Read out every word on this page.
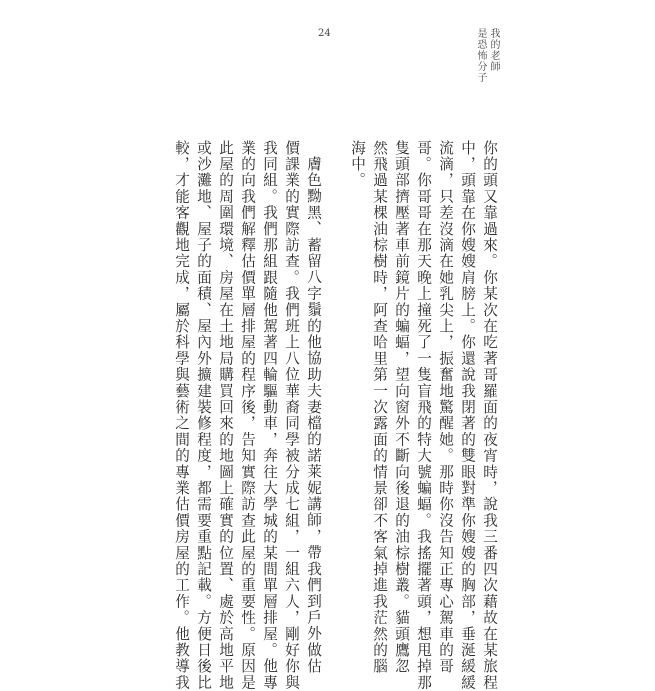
24	我的老師
是恐怖分子
你的頭又靠過來。你某次在吃著哥羅面的夜宵時，說我三番四次藉故在某旅程
中，頭靠在你嫂嫂肩膀上。你還說我閉著的雙眼對準你嫂嫂的胸部，垂涎緩緩
流滴，只差沒滴在她乳尖上，振奮地驚醒她。那時你沒告知正專心駕車的哥
哥。你哥哥在那天晚上撞死了一隻盲飛的特大號蝙蝠。我搖擺著頭，想甩掉那
隻頭部擠壓著車前鏡片的蝙蝠，望向窗外不斷向後退的油棕樹叢。貓頭鷹忽
然飛過某棵油棕樹時，阿查哈里第一次露面的情景卻不客氣掉進我茫然的腦
海中。
膚色黝黑、蓄留八字鬚的他協助夫妻檔的諾莱妮講師，帶我們到戶外做估
價課業的實際訪查。我們班上八位華裔同學被分成七組，一組六人，剛好你與
我同組。我們那組跟隨他駕著四輪驅動車，奔往大學城的某間單層排屋。他專
業的向我們解釋估價單層排屋的程序後，告知實際訪查此屋的重要性。原因是
此屋的周圍環境、房屋在土地局購買回來的地圖上確實的位置、處於高地平地
或沙灘地、屋子的面積、屋內外擴建裝修程度，都需要重點記載。方便日後比
較，才能客觀地完成，屬於科學與藝術之間的專業估價房屋的工作。他教導我
